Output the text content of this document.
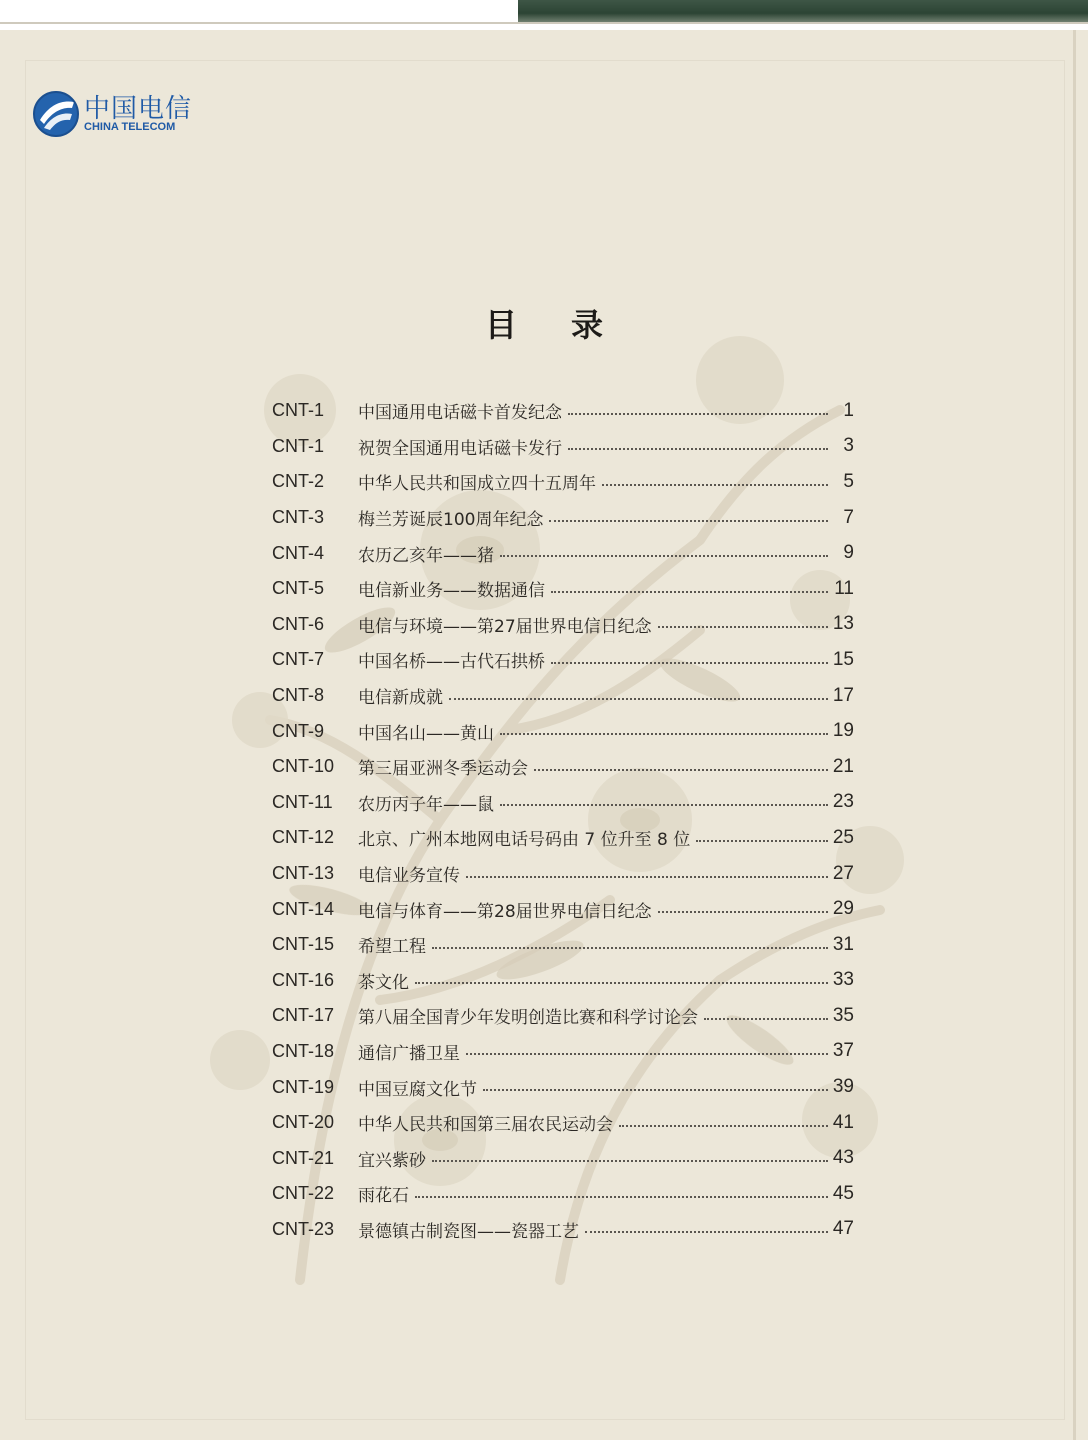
中国电信
CHINA TELECOM
目录
CNT-1	中国通用电话磁卡首发纪念	1
CNT-1	祝贺全国通用电话磁卡发行	3
CNT-2	中华人民共和国成立四十五周年	5
CNT-3	梅兰芳诞辰100周年纪念	7
CNT-4	农历乙亥年——猪	9
CNT-5	电信新业务——数据通信	11
CNT-6	电信与环境——第27届世界电信日纪念	13
CNT-7	中国名桥——古代石拱桥	15
CNT-8	电信新成就	17
CNT-9	中国名山——黄山	19
CNT-10	第三届亚洲冬季运动会	21
CNT-11	农历丙子年——鼠	23
CNT-12	北京、广州本地网电话号码由 7 位升至 8 位	25
CNT-13	电信业务宣传	27
CNT-14	电信与体育——第28届世界电信日纪念	29
CNT-15	希望工程	31
CNT-16	茶文化	33
CNT-17	第八届全国青少年发明创造比赛和科学讨论会	35
CNT-18	通信广播卫星	37
CNT-19	中国豆腐文化节	39
CNT-20	中华人民共和国第三届农民运动会	41
CNT-21	宜兴紫砂	43
CNT-22	雨花石	45
CNT-23	景德镇古制瓷图——瓷器工艺	47
